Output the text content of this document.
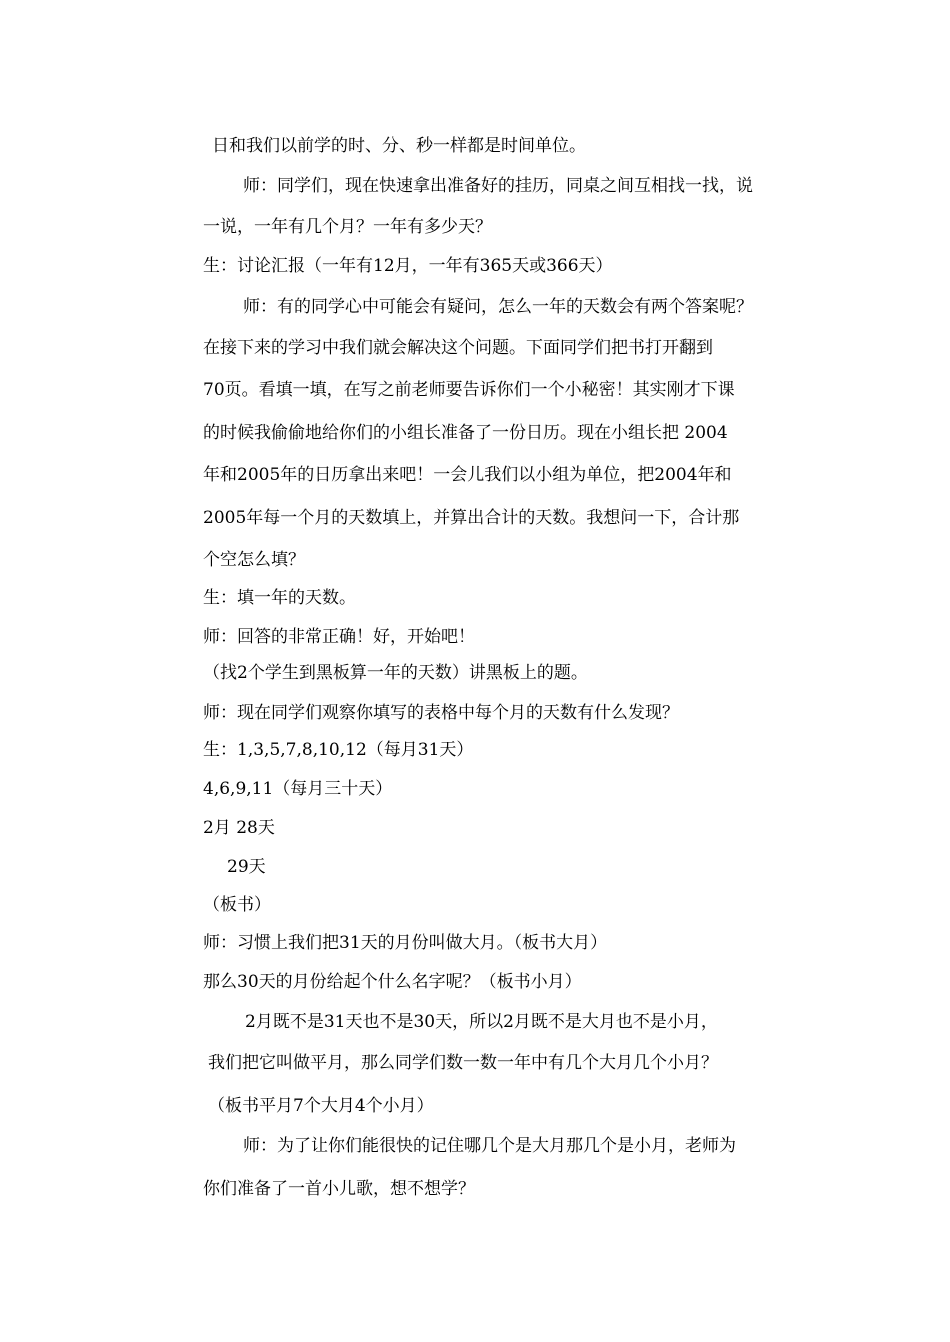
日和我们以前学的时、分、秒一样都是时间单位。
师：同学们，现在快速拿出准备好的挂历，同桌之间互相找一找，说
一说，一年有几个月？一年有多少天？
生：讨论汇报（一年有12月，一年有365天或366天）
师：有的同学心中可能会有疑问，怎么一年的天数会有两个答案呢？
在接下来的学习中我们就会解决这个问题。下面同学们把书打开翻到
70页。看填一填，在写之前老师要告诉你们一个小秘密！其实刚才下课
的时候我偷偷地给你们的小组长准备了一份日历。现在小组长把 2004
年和2005年的日历拿出来吧！一会儿我们以小组为单位，把2004年和
2005年每一个月的天数填上，并算出合计的天数。我想问一下，合计那
个空怎么填？
生：填一年的天数。
师：回答的非常正确！好，开始吧！
（找2个学生到黑板算一年的天数）讲黑板上的题。
师：现在同学们观察你填写的表格中每个月的天数有什么发现？
生：1,3,5,7,8,10,12（每月31天）
4,6,9,11（每月三十天）
2月 28天
29天
（板书）
师：习惯上我们把31天的月份叫做大月。（板书大月）
那么30天的月份给起个什么名字呢？（板书小月）
2月既不是31天也不是30天，所以2月既不是大月也不是小月，
我们把它叫做平月，那么同学们数一数一年中有几个大月几个小月？
（板书平月7个大月4个小月）
师：为了让你们能很快的记住哪几个是大月那几个是小月，老师为
你们准备了一首小儿歌，想不想学？
